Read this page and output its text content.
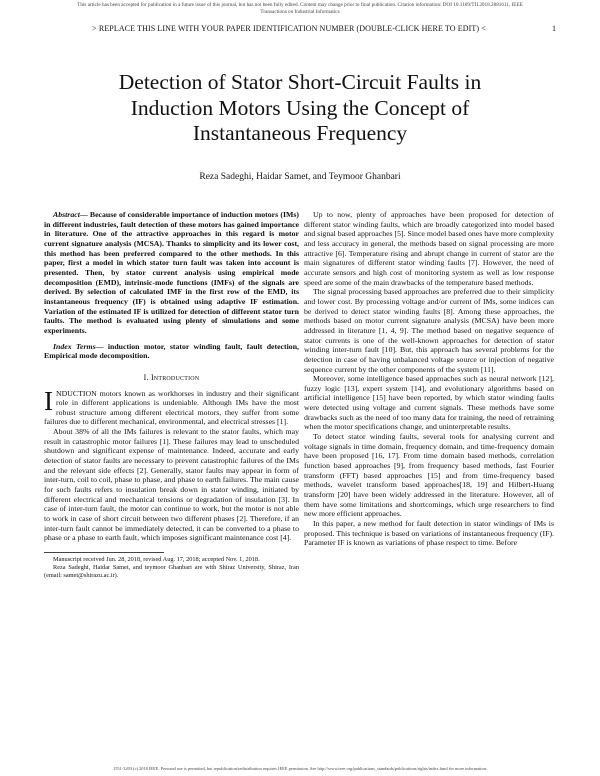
This article has been accepted for publication in a future issue of this journal, but has not been fully edited. Content may change prior to final publication. Citation information: DOI 10.1109/TII.2018.2881611, IEEE
Transactions on Industrial Informatics
> REPLACE THIS LINE WITH YOUR PAPER IDENTIFICATION NUMBER (DOUBLE-CLICK HERE TO EDIT) <	1
Detection of Stator Short-Circuit Faults in
Induction Motors Using the Concept of
Instantaneous Frequency
Reza Sadeghi, Haidar Samet, and Teymoor Ghanbari

Abstract— Because of considerable importance of induction motors (IMs) in different industries, fault detection of these motors has gained importance in literature. One of the attractive approaches in this regard is motor current signature analysis (MCSA). Thanks to simplicity and its lower cost, this method has been preferred compared to the other methods. In this paper, first a model in which stator turn fault was taken into account is presented. Then, by stator current analysis using empirical mode decomposition (EMD), intrinsic-mode functions (IMFs) of the signals are derived. By selection of calculated IMF in the first row of the EMD, its instantaneous frequency (IF) is obtained using adaptive IF estimation. Variation of the estimated IF is utilized for detection of different stator turn faults. The method is evaluated using plenty of simulations and some experiments.

Index Terms— induction motor, stator winding fault, fault detection, Empirical mode decomposition.

I. Introduction

INDUCTION motors known as workhorses in industry and their significant role in different applications is undeniable. Although IMs have the most robust structure among different electrical motors, they suffer from some failures due to different mechanical, environmental, and electrical stresses [1].

About 38% of all the IMs failures is relevant to the stator faults, which may result in catastrophic motor failures [1]. These failures may lead to unscheduled shutdown and significant expense of maintenance. Indeed, accurate and early detection of stator faults are necessary to prevent catastrophic failures of the IMs and the relevant side effects [2]. Generally, stator faults may appear in form of inter-turn, coil to coil, phase to phase, and phase to earth failures. The main cause for such faults refers to insulation break down in stator winding, initiated by different electrical and mechanical tensions or degradation of insulation [3]. In case of inter-turn fault, the motor can continue to work, but the motor is not able to work in case of short circuit between two different phases [2]. Therefore, if an inter-turn fault cannot be immediately detected, it can be converted to a phase to phase or a phase to earth fault, which imposes significant maintenance cost [4].

Manuscript received Jun. 28, 2018, revised Aug. 17, 2018; accepted Nov. 1, 2018.

Reza Sadeghi, Haidar Samet, and teymoor Ghanbari are with Shiraz University, Shiraz, Iran (email: samet@shirazu.ac.ir).

Up to now, plenty of approaches have been proposed for detection of different stator winding faults, which are broadly categorized into model based and signal based approaches [5]. Since model based ones have more complexity and less accuracy in general, the methods based on signal processing are more attractive [6]. Temperature rising and abrupt change in current of stator are the main signatures of different stator winding faults [7]. However, the need of accurate sensors and high cost of monitoring system as well as low response speed are some of the main drawbacks of the temperature based methods.

The signal processing based approaches are preferred due to their simplicity and lower cost. By processing voltage and/or current of IMs, some indices can be derived to detect stator winding faults [8]. Among these approaches, the methods based on motor current signature analysis (MCSA) have been more addressed in literature [1, 4, 9]. The method based on negative sequence of stator currents is one of the well-known approaches for detection of stator winding inter-turn fault [10]. But, this approach has several problems for the detection in case of having unbalanced voltage source or injection of negative sequence current by the other components of the system [11].

Moreover, some intelligence based approaches such as neural network [12], fuzzy logic [13], expert system [14], and evolutionary algorithms based on artificial intelligence [15] have been reported, by which stator winding faults were detected using voltage and current signals. These methods have some drawbacks such as the need of too many data for training, the need of retraining when the motor specifications change, and uninterpretable results.

To detect stator winding faults, several tools for analysing current and voltage signals in time domain, frequency domain, and time-frequency domain have been proposed [16, 17]. From time domain based methods, correlation function based approaches [9], from frequency based methods, fast Fourier transform (FFT) based approaches [15] and from time-frequency based methods, wavelet transform based approaches[18, 19] and Hilbert-Huang transform [20] have been widely addressed in the literature. However, all of them have some limitations and shortcomings, which urge researchers to find new more efficient approaches.

In this paper, a new method for fault detection in stator windings of IMs is proposed. This technique is based on variations of instantaneous frequency (IF). Parameter IF is known as variations of phase respect to time. Before

1551-3203 (c) 2018 IEEE. Personal use is permitted, but republication/redistribution requires IEEE permission. See http://www.ieee.org/publications_standards/publications/rights/index.html for more information.
